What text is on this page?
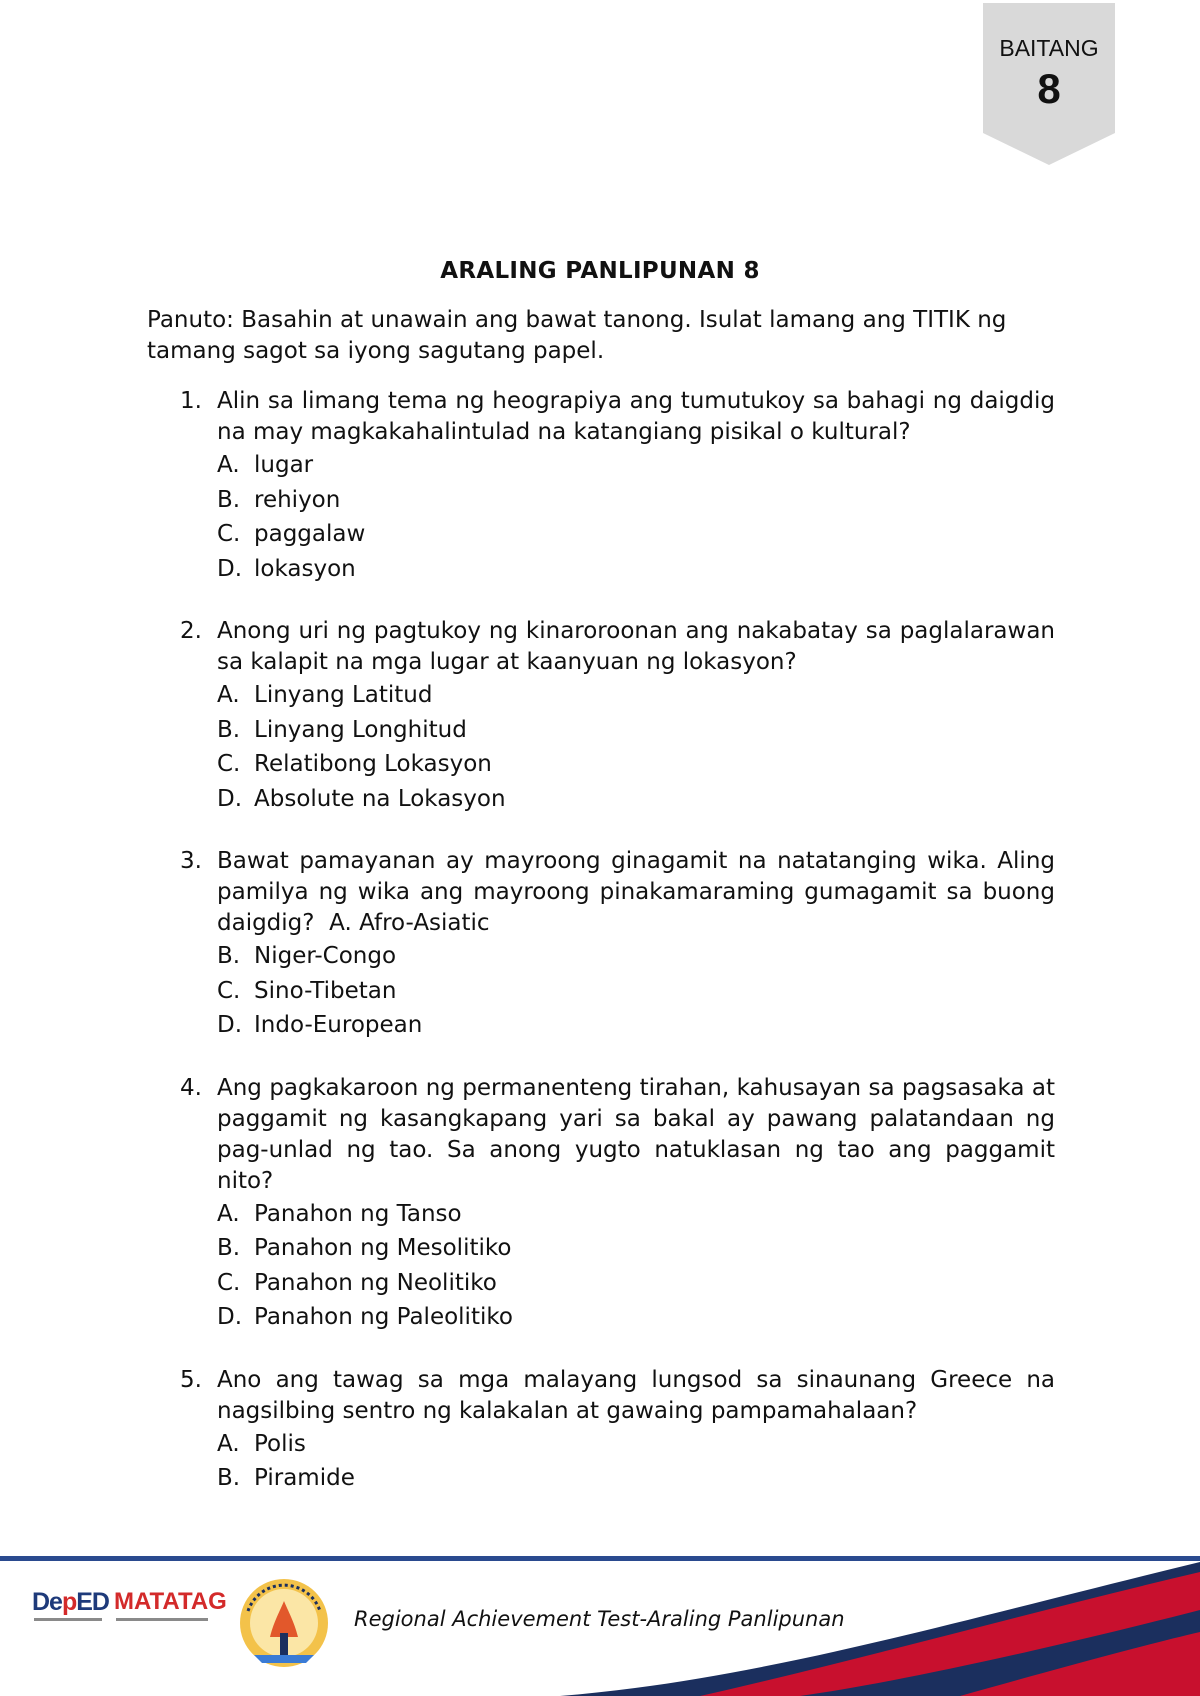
BAITANG
8
ARALING PANLIPUNAN 8
Panuto: Basahin at unawain ang bawat tanong. Isulat lamang ang TITIK ng tamang sagot sa iyong sagutang papel.
1. Alin sa limang tema ng heograpiya ang tumutukoy sa bahagi ng daigdig na may magkakahalintulad na katangiang pisikal o kultural?
A. lugar
B. rehiyon
C. paggalaw
D. lokasyon
2. Anong uri ng pagtukoy ng kinaroroonan ang nakabatay sa paglalarawan sa kalapit na mga lugar at kaanyuan ng lokasyon?
A. Linyang Latitud
B. Linyang Longhitud
C. Relatibong Lokasyon
D. Absolute na Lokasyon
3. Bawat pamayanan ay mayroong ginagamit na natatanging wika. Aling pamilya ng wika ang mayroong pinakamaraming gumagamit sa buong daigdig? A. Afro-Asiatic
B. Niger-Congo
C. Sino-Tibetan
D. Indo-European
4. Ang pagkakaroon ng permanenteng tirahan, kahusayan sa pagsasaka at paggamit ng kasangkapang yari sa bakal ay pawang palatandaan ng pag-unlad ng tao. Sa anong yugto natuklasan ng tao ang paggamit nito?
A. Panahon ng Tanso
B. Panahon ng Mesolitiko
C. Panahon ng Neolitiko
D. Panahon ng Paleolitiko
5. Ano ang tawag sa mga malayang lungsod sa sinaunang Greece na nagsilbing sentro ng kalakalan at gawaing pampamahalaan?
A. Polis
B. Piramide
DepED MATATAG
Regional Achievement Test-Araling Panlipunan
